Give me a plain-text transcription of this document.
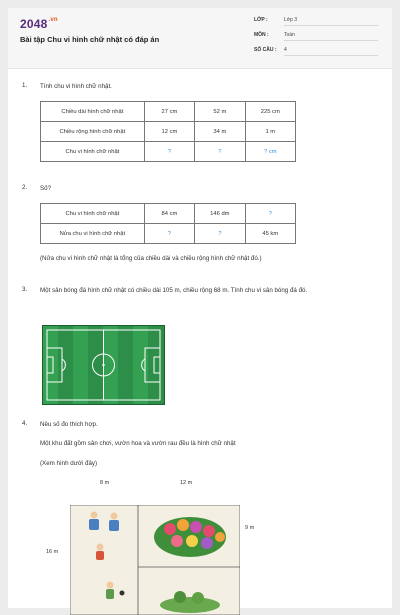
$2048^{.vn}$
Bài tập Chu vi hình chữ nhật có đáp án
LỚP :	Lớp 3
MÔN :	Toán
SỐ CÂU :	4
1. Tính chu vi hình chữ nhật.
Chiều dài hình chữ nhật	27 cm	52 m	225 cm
Chiều rộng hình chữ nhật	12 cm	34 m	1 m
Chu vi hình chữ nhật	?	?	? cm
2. Số?
Chu vi hình chữ nhật	84 cm	146 dm	?
Nửa chu vi hình chữ nhật	?	?	45 km
(Nửa chu vi hình chữ nhật là tổng của chiều dài và chiều rộng hình chữ nhật đó.)
3. Một sân bóng đá hình chữ nhật có chiều dài 105 m, chiều rộng 68 m. Tính chu vi sân bóng đá đó.
4. Nêu số đo thích hợp.
Một khu đất gồm sân chơi, vườn hoa và vườn rau đều là hình chữ nhật
(Xem hình dưới đây)
8 m	12 m
9 m
16 m
